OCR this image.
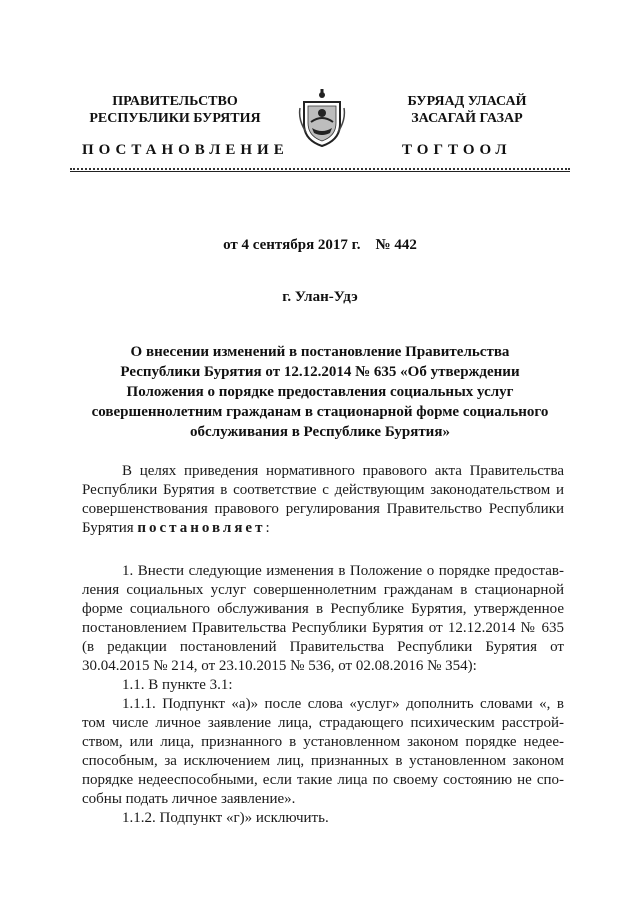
ПРАВИТЕЛЬСТВО
РЕСПУБЛИКИ БУРЯТИЯ
БУРЯАД УЛАСАЙ
ЗАСАГАЙ ГАЗАР
ПОСТАНОВЛЕНИЕ	ТОГТООЛ
от 4 сентября 2017 г.    № 442
г. Улан-Удэ
О внесении изменений в постановление Правительства
Республики Бурятия от 12.12.2014 № 635 «Об утверждении
Положения о порядке предоставления социальных услуг
совершеннолетним гражданам в стационарной форме социального
обслуживания в Республике Бурятия»
В целях приведения нормативного правового акта Правительства
Республики Бурятия в соответствие с действующим законодательством и
совершенствования правового регулирования Правительство Республики
Бурятия постановляет:
1. Внести следующие изменения в Положение о порядке предостав-
ления социальных услуг совершеннолетним гражданам в стационарной
форме социального обслуживания в Республике Бурятия, утвержденное
постановлением Правительства Республики Бурятия от 12.12.2014 № 635
(в редакции постановлений Правительства Республики Бурятия от
30.04.2015 № 214, от 23.10.2015 № 536, от 02.08.2016 № 354):
1.1. В пункте 3.1:
1.1.1. Подпункт «а)» после слова «услуг» дополнить словами «, в
том числе личное заявление лица, страдающего психическим расстрой-
ством, или лица, признанного в установленном законом порядке недее-
способным, за исключением лиц, признанных в установленном законом
порядке недееспособными, если такие лица по своему состоянию не спо-
собны подать личное заявление».
1.1.2. Подпункт «г)» исключить.
